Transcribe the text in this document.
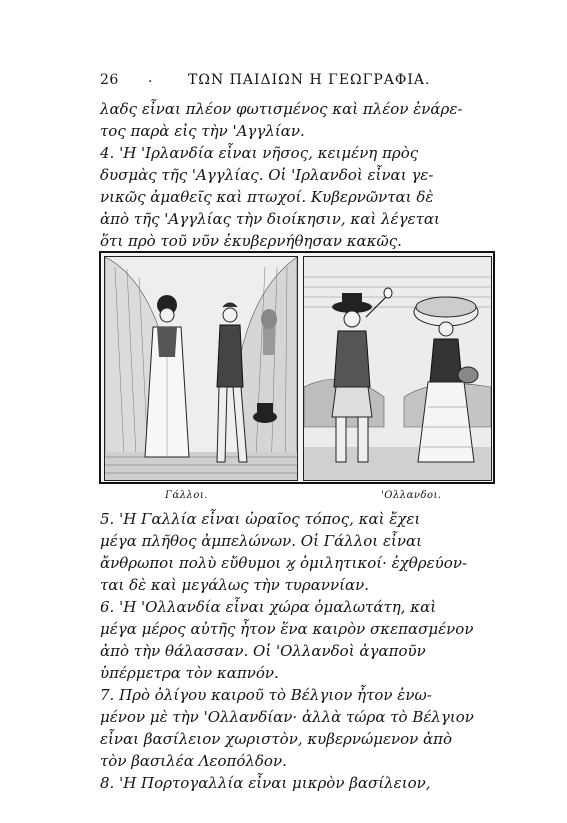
26 .	ΤΩΝ ΠΑΙΔΙΩΝ Η ΓΕΩΓΡΑΦΙΑ.
λαδς εἶναι πλέον φωτισμένος καὶ πλέον ἐνάρε-
τος παρὰ εἰς τὴν 'Αγγλίαν.
4. 'Η 'Ιρλανδία εἶναι νῆσος, κειμένη πρὸς
δυσμὰς τῆς 'Αγγλίας. Οἱ 'Ιρλανδοὶ εἶναι γε-
νικῶς ἀμαθεῖς καὶ πτωχοί. Κυβερνῶνται δὲ
ἀπὸ τῆς 'Αγγλίας τὴν διοίκησιν, καὶ λέγεται
ὅτι πρὸ τοῦ νῦν ἐκυβερνήθησαν κακῶς.
Γάλλοι.	'Ολλανδοι.
5. 'Η Γαλλία εἶναι ὡραῖος τόπος, καὶ ἔχει
μέγα πλῆθος ἀμπελώνων. Οἱ Γάλλοι εἶναι
ἄνθρωποι πολὺ εὔθυμοι ϗ ὁμιλητικοί· ἐχθρεύον-
ται δὲ καὶ μεγάλως τὴν τυραννίαν.
6. 'Η 'Ολλανδία εἶναι χώρα ὁμαλωτάτη, καὶ
μέγα μέρος αὐτῆς ἦτον ἕνα καιρὸν σκεπασμένον
ἀπὸ τὴν θάλασσαν. Οἱ 'Ολλανδοὶ ἀγαποῦν
ὑπέρμετρα τὸν καπνόν.
7. Πρὸ ὀλίγου καιροῦ τὸ Βέλγιον ἦτον ἐνω-
μένον μὲ τὴν 'Ολλανδίαν· ἀλλὰ τώρα τὸ Βέλγιον
εἶναι βασίλειον χωριστὸν, κυβερνώμενον ἀπὸ
τὸν βασιλέα Λεοπόλδον.
8. 'Η Πορτογαλλία εἶναι μικρὸν βασίλειον,
